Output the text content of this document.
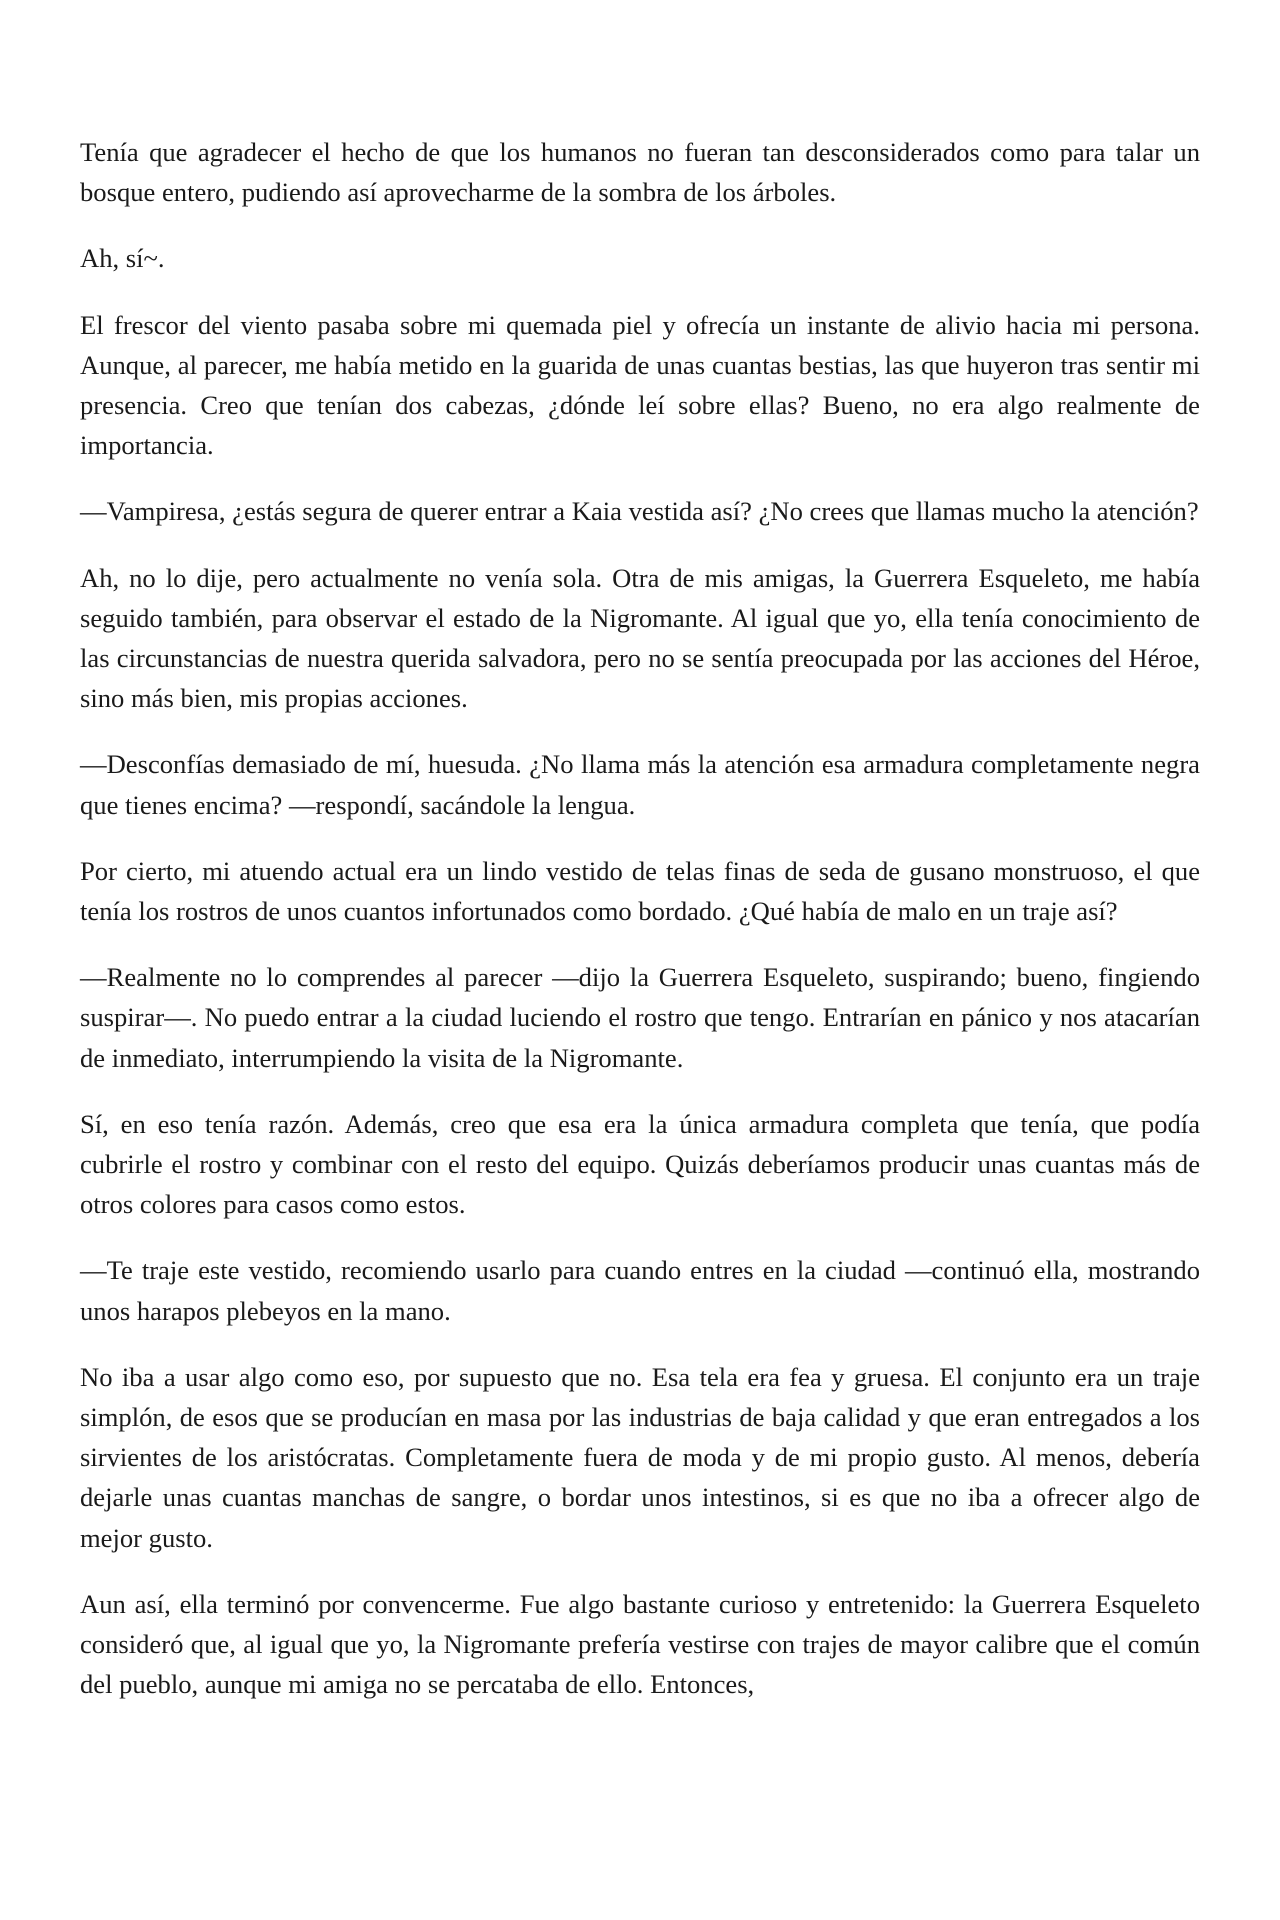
Tenía que agradecer el hecho de que los humanos no fueran tan desconsiderados como para talar un bosque entero, pudiendo así aprovecharme de la sombra de los árboles.

Ah, sí~.

El frescor del viento pasaba sobre mi quemada piel y ofrecía un instante de alivio hacia mi persona. Aunque, al parecer, me había metido en la guarida de unas cuantas bestias, las que huyeron tras sentir mi presencia. Creo que tenían dos cabezas, ¿dónde leí sobre ellas? Bueno, no era algo realmente de importancia.

—Vampiresa, ¿estás segura de querer entrar a Kaia vestida así? ¿No crees que llamas mucho la atención?

Ah, no lo dije, pero actualmente no venía sola. Otra de mis amigas, la Guerrera Esqueleto, me había seguido también, para observar el estado de la Nigromante. Al igual que yo, ella tenía conocimiento de las circunstancias de nuestra querida salvadora, pero no se sentía preocupada por las acciones del Héroe, sino más bien, mis propias acciones.

—Desconfías demasiado de mí, huesuda. ¿No llama más la atención esa armadura completamente negra que tienes encima? —respondí, sacándole la lengua.

Por cierto, mi atuendo actual era un lindo vestido de telas finas de seda de gusano monstruoso, el que tenía los rostros de unos cuantos infortunados como bordado. ¿Qué había de malo en un traje así?

—Realmente no lo comprendes al parecer —dijo la Guerrera Esqueleto, suspirando; bueno, fingiendo suspirar—. No puedo entrar a la ciudad luciendo el rostro que tengo. Entrarían en pánico y nos atacarían de inmediato, interrumpiendo la visita de la Nigromante.

Sí, en eso tenía razón. Además, creo que esa era la única armadura completa que tenía, que podía cubrirle el rostro y combinar con el resto del equipo. Quizás deberíamos producir unas cuantas más de otros colores para casos como estos.

—Te traje este vestido, recomiendo usarlo para cuando entres en la ciudad —continuó ella, mostrando unos harapos plebeyos en la mano.

No iba a usar algo como eso, por supuesto que no. Esa tela era fea y gruesa. El conjunto era un traje simplón, de esos que se producían en masa por las industrias de baja calidad y que eran entregados a los sirvientes de los aristócratas. Completamente fuera de moda y de mi propio gusto. Al menos, debería dejarle unas cuantas manchas de sangre, o bordar unos intestinos, si es que no iba a ofrecer algo de mejor gusto.

Aun así, ella terminó por convencerme. Fue algo bastante curioso y entretenido: la Guerrera Esqueleto consideró que, al igual que yo, la Nigromante prefería vestirse con trajes de mayor calibre que el común del pueblo, aunque mi amiga no se percataba de ello. Entonces,
